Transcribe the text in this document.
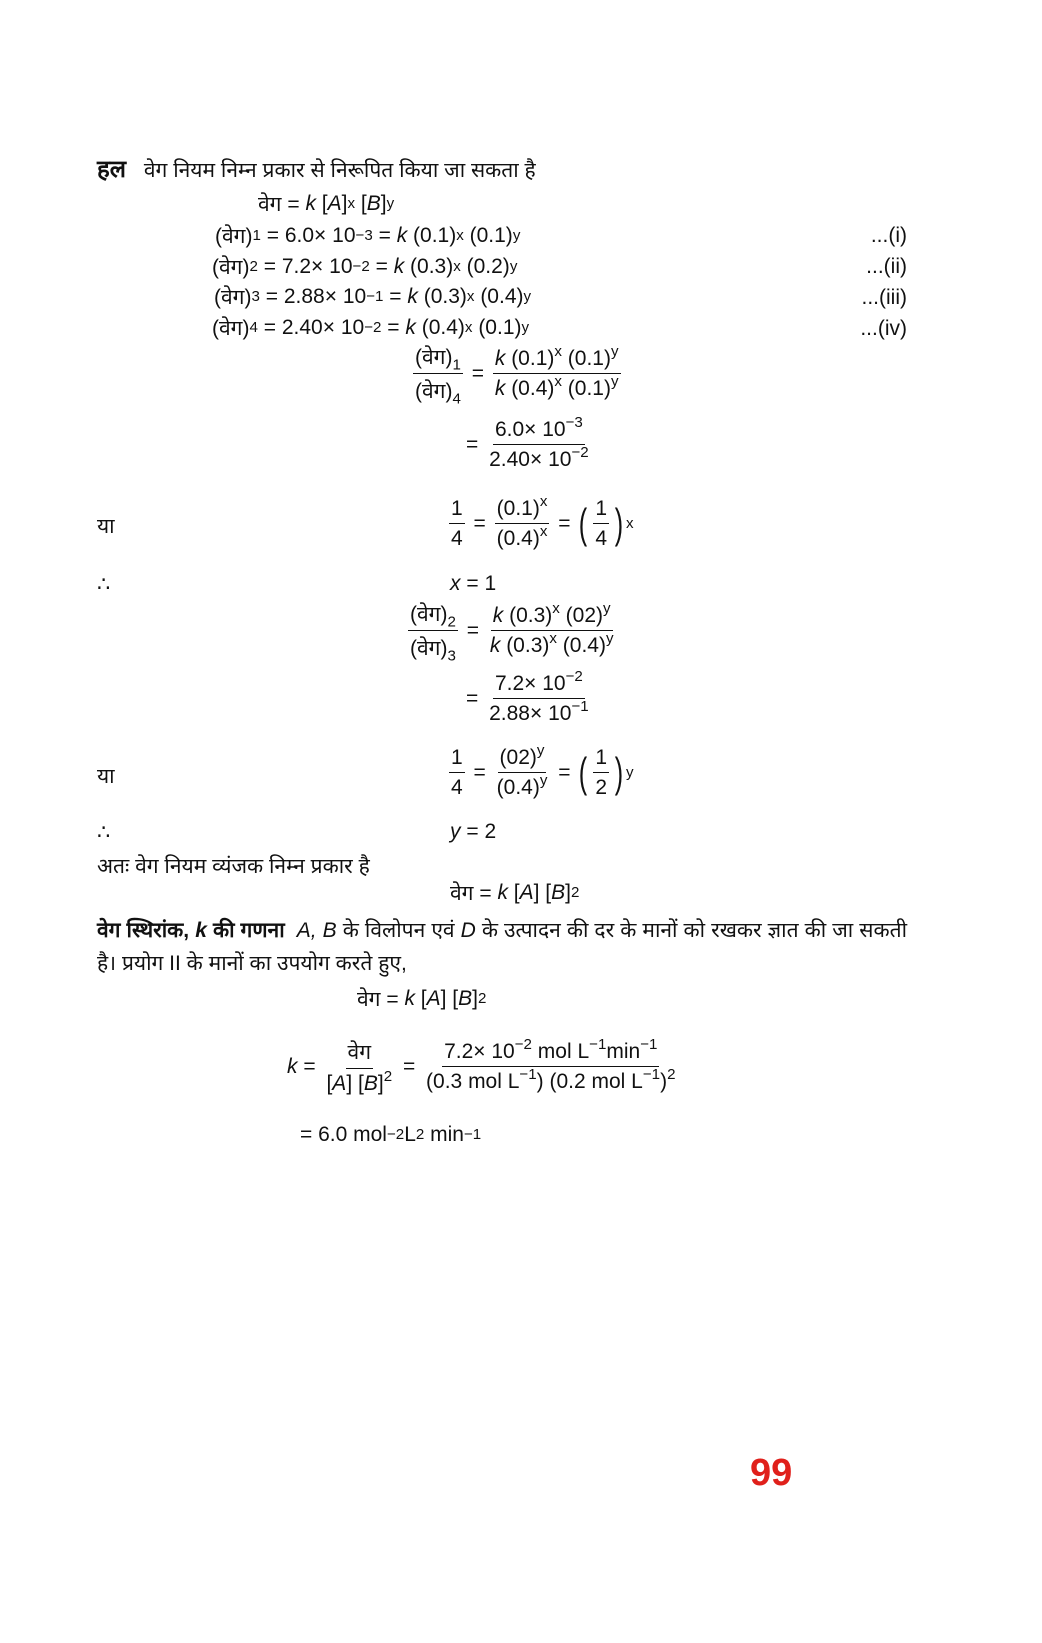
हल वेग नियम निम्न प्रकार से निरूपित किया जा सकता है
वेग = k [ A ] x [ B ] y
(वेग) 1 = 6.0× 10 −3 = k (0.1) x (0.1) y	...(i)
(वेग) 2 = 7.2× 10 −2 = k (0.3) x (0.2) y	...(ii)
(वेग) 3 = 2.88× 10 −1 = k (0.3) x (0.4) y	...(iii)
(वेग) 4 = 2.40× 10 −2 = k (0.4) x (0.1) y	...(iv)
$\frac{(वेग)_1}{(वेग)_4} = \frac{k (0.1)^x (0.1)^y}{k (0.4)^x (0.1)^y}$
= $\frac{6.0\times 10^{-3}}{2.40\times 10^{-2}}$
या	$\frac{1}{4} = \frac{(0.1)^x}{(0.4)^x}$ = ( $\frac{1}{4}$ ) x
∴	x = 1
$\frac{(वेग)_2}{(वेग)_3} = \frac{k (0.3)^x (02)^y}{k (0.3)^x (0.4)^y}$
= $\frac{7.2\times 10^{-2}}{2.88\times 10^{-1}}$
या	$\frac{1}{4} = \frac{(02)^y}{(0.4)^y}$ = ( $\frac{1}{2}$ ) y
∴	y = 2
अतः वेग नियम व्यंजक निम्न प्रकार है
वेग = k [ A ] [ B ] 2
वेग स्थिरांक, k की गणना A, B के विलोपन एवं D के उत्पादन की दर के मानों को रखकर ज्ञात की जा सकती है। प्रयोग II के मानों का उपयोग करते हुए,
वेग = k [ A ] [ B ] 2
$k = \frac{\text{वेग}}{[A] [B]^2} = \frac{7.2\times 10^{-2} mol L^{-1}\min^{-1}}{(0.3 mol L^{-1}) (0.2 mol L^{-1})^2}$
= 6.0 mol −2 L 2 min −1
99
